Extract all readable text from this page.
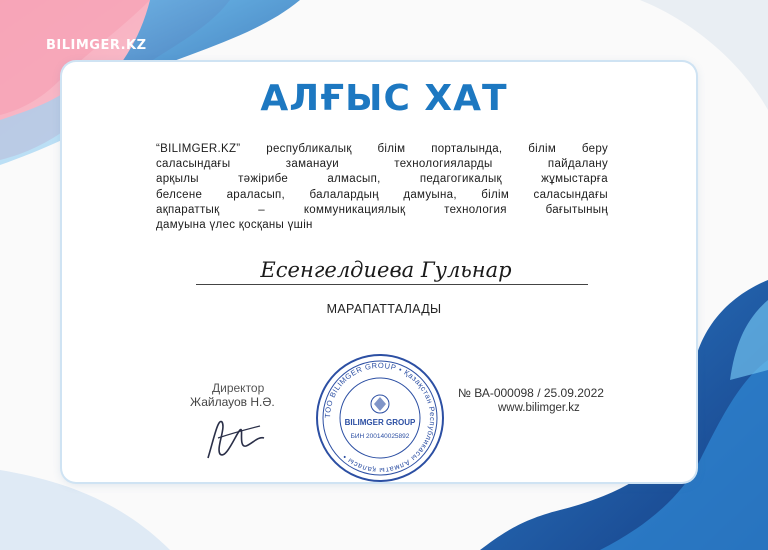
BILIMGER.KZ
АЛҒЫС ХАТ
“BILIMGER.KZ” республикалық білім порталында, білім беру
саласындағы заманауи технологияларды пайдалану
арқылы тәжірибе алмасып, педагогикалық жұмыстарға
белсене араласып, балалардың дамуына, білім саласындағы
ақпараттық – коммуникациялық технология бағытының
дамуына үлес қосқаны үшін
Есенгелдиева Гульнар
МАРАПАТТАЛАДЫ
Директор
Жайлауов Н.Ә.
ТОО BILIMGER GROUP • Қазақстан Республикасы Алматы қаласы •
BILIMGER GROUP
БИН 200140025892
№ ВА-000098 / 25.09.2022
www.bilimger.kz
